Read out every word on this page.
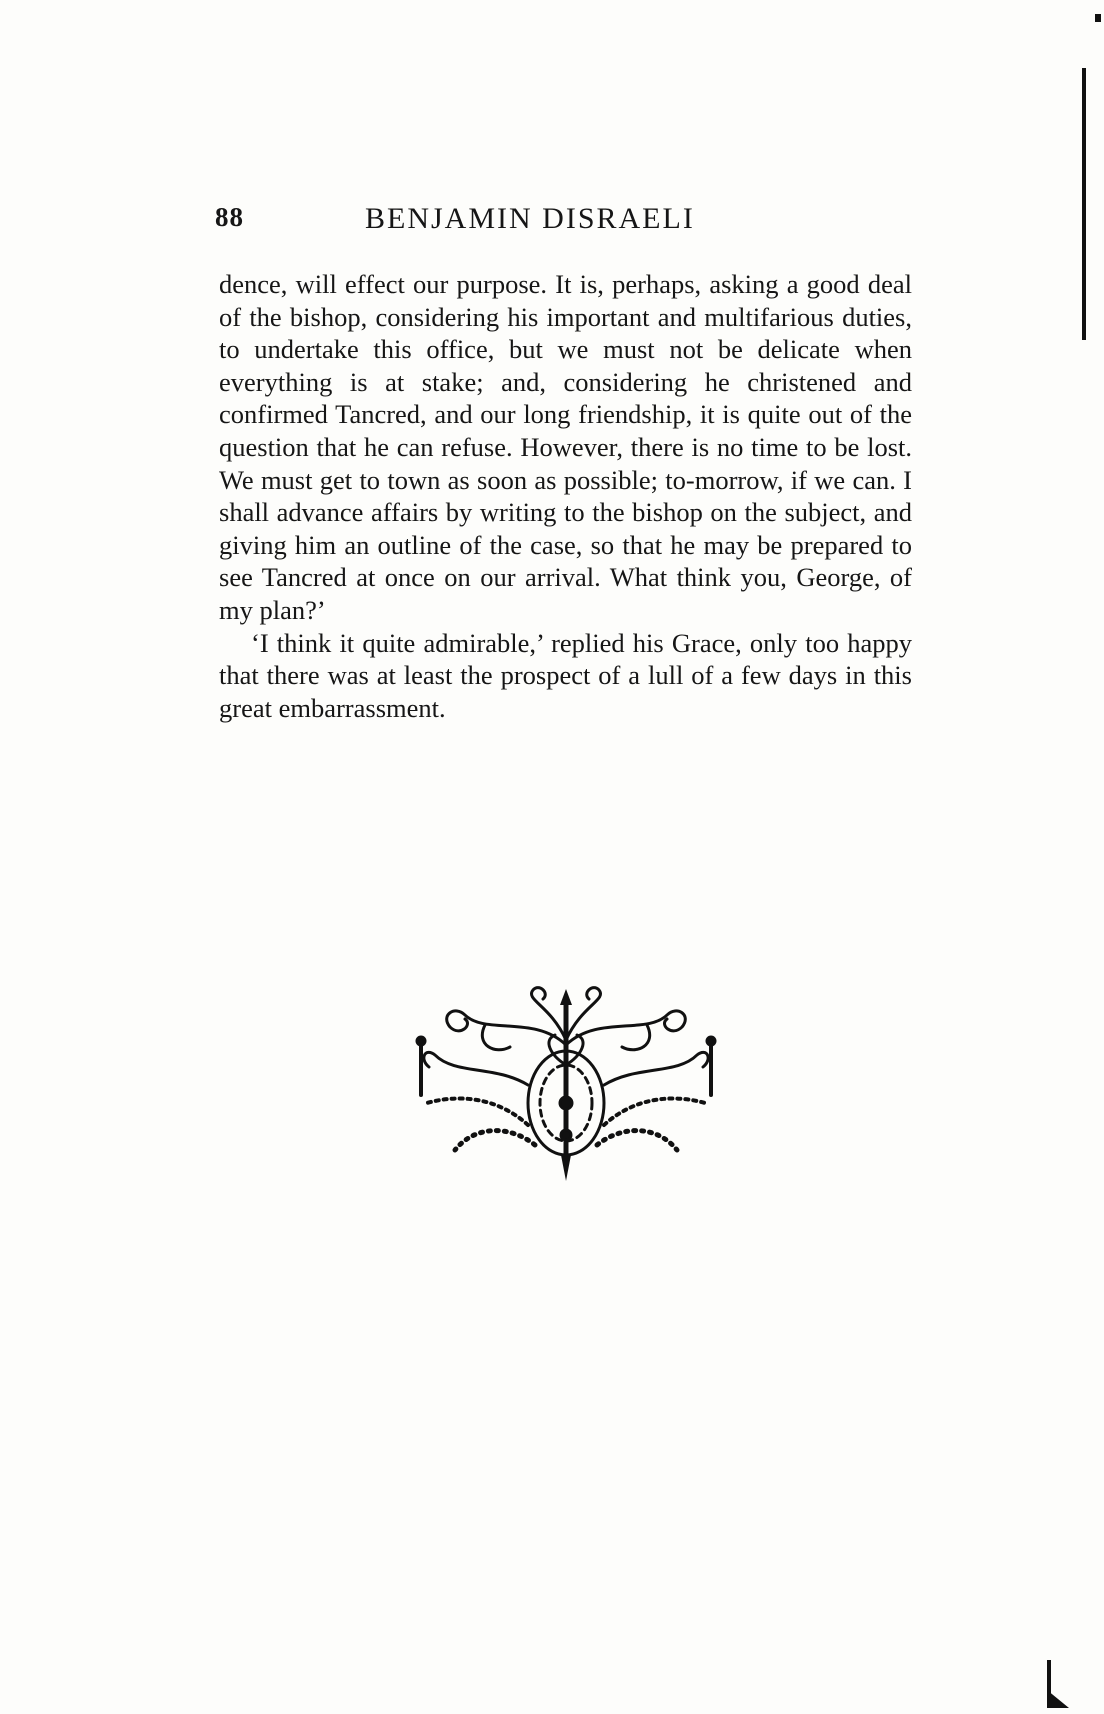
88	BENJAMIN DISRAELI

dence, will effect our purpose. It is, perhaps, asking a good deal of the bishop, considering his important and multifarious duties, to undertake this office, but we must not be delicate when everything is at stake; and, considering he christened and confirmed Tancred, and our long friendship, it is quite out of the question that he can refuse. However, there is no time to be lost. We must get to town as soon as possible; to-morrow, if we can. I shall advance affairs by writing to the bishop on the subject, and giving him an outline of the case, so that he may be prepared to see Tancred at once on our arrival. What think you, George, of my plan?’

‘I think it quite admirable,’ replied his Grace, only too happy that there was at least the prospect of a lull of a few days in this great embarrassment.
